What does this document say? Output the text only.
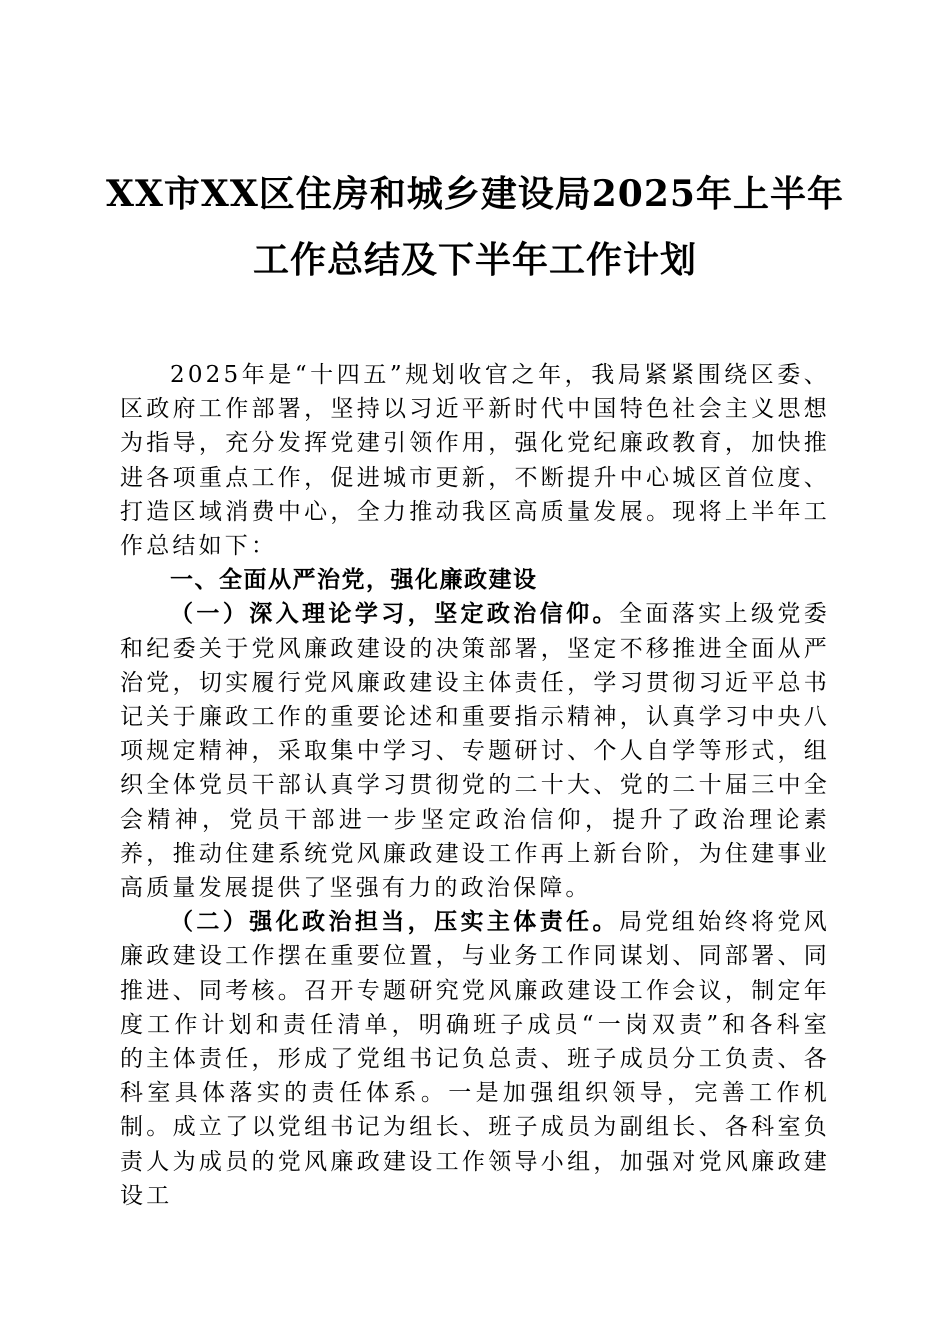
XX市XX区住房和城乡建设局2025年上半年
工作总结及下半年工作计划

2025年是“十四五”规划收官之年，我局紧紧围绕区委、区政府工作部署，坚持以习近平新时代中国特色社会主义思想为指导，充分发挥党建引领作用，强化党纪廉政教育，加快推进各项重点工作，促进城市更新，不断提升中心城区首位度、打造区域消费中心，全力推动我区高质量发展。现将上半年工作总结如下：

一、全面从严治党，强化廉政建设

（一）深入理论学习，坚定政治信仰。全面落实上级党委和纪委关于党风廉政建设的决策部署，坚定不移推进全面从严治党，切实履行党风廉政建设主体责任，学习贯彻习近平总书记关于廉政工作的重要论述和重要指示精神，认真学习中央八项规定精神，采取集中学习、专题研讨、个人自学等形式，组织全体党员干部认真学习贯彻党的二十大、党的二十届三中全会精神，党员干部进一步坚定政治信仰，提升了政治理论素养，推动住建系统党风廉政建设工作再上新台阶，为住建事业高质量发展提供了坚强有力的政治保障。

（二）强化政治担当，压实主体责任。局党组始终将党风廉政建设工作摆在重要位置，与业务工作同谋划、同部署、同推进、同考核。召开专题研究党风廉政建设工作会议，制定年度工作计划和责任清单，明确班子成员“一岗双责”和各科室的主体责任，形成了党组书记负总责、班子成员分工负责、各科室具体落实的责任体系。一是加强组织领导，完善工作机制。成立了以党组书记为组长、班子成员为副组长、各科室负责人为成员的党风廉政建设工作领导小组，加强对党风廉政建设工
